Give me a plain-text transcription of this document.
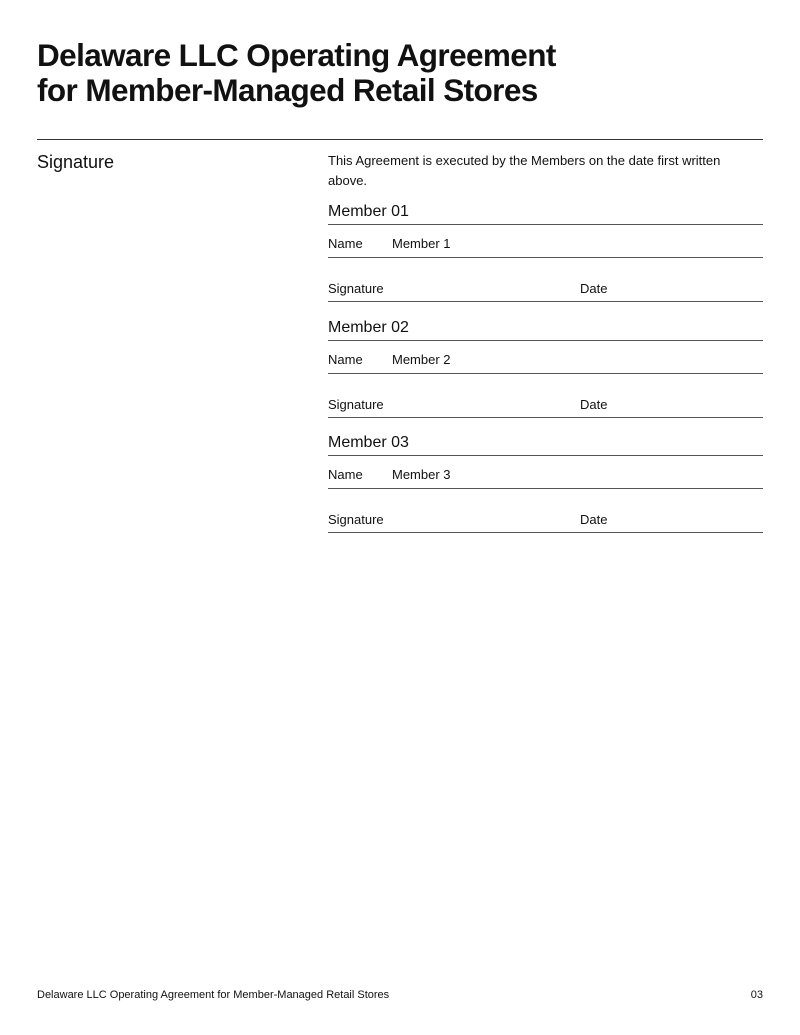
Delaware LLC Operating Agreement
for Member-Managed Retail Stores
Signature	This Agreement is executed by the Members on the date first written above.
Member 01
Name Member 1
Signature	Date
Member 02
Name Member 2
Signature	Date
Member 03
Name Member 3
Signature	Date
Delaware LLC Operating Agreement for Member-Managed Retail Stores	03
